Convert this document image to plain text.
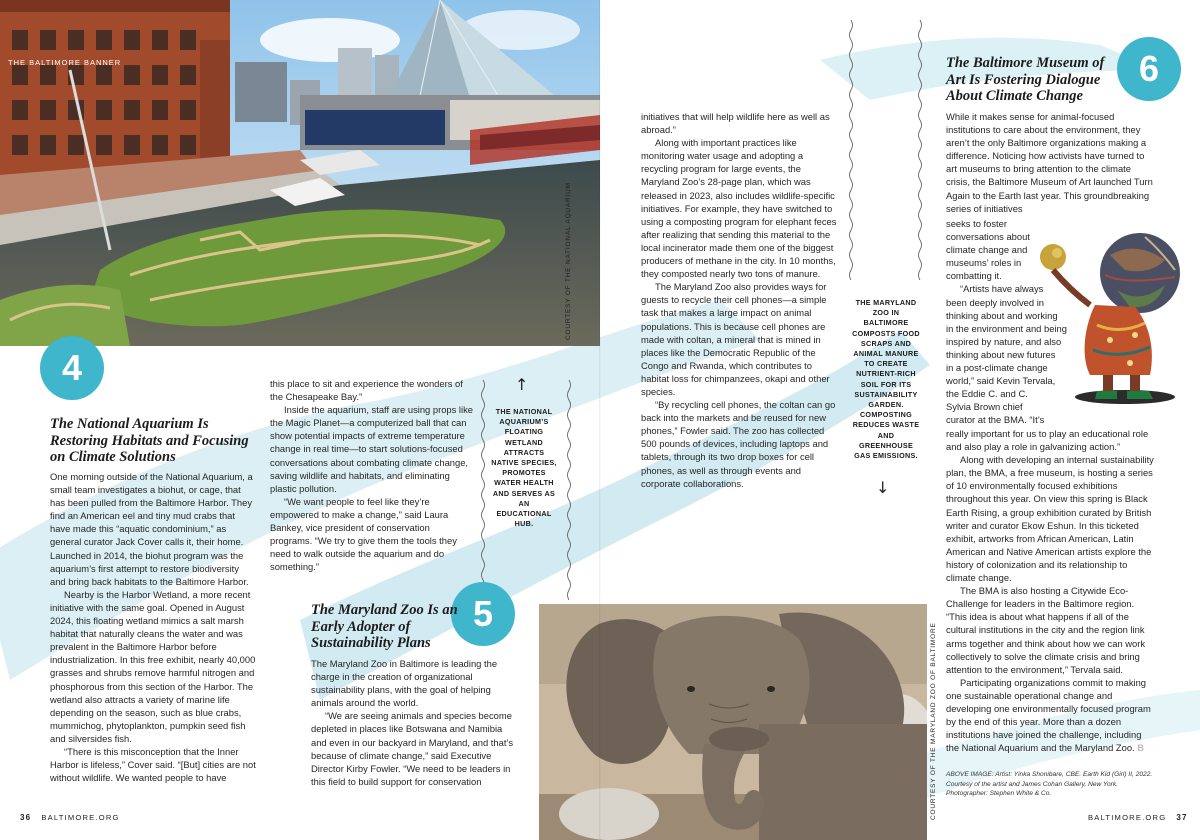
THE BALTIMORE BANNER
COURTESY OF THE NATIONAL AQUARIUM
4
The National Aquarium Is Restoring Habitats and Focusing on Climate Solutions

One morning outside of the National Aquarium, a small team investigates a biohut, or cage, that has been pulled from the Baltimore Harbor. They find an American eel and tiny mud crabs that have made this “aquatic condominium,” as general curator Jack Cover calls it, their home. Launched in 2014, the biohut program was the aquarium’s first attempt to restore biodiversity and bring back habitats to the Baltimore Harbor.

Nearby is the Harbor Wetland, a more recent initiative with the same goal. Opened in August 2024, this floating wetland mimics a salt marsh habitat that naturally cleans the water and was prevalent in the Baltimore Harbor before industrialization. In this free exhibit, nearly 40,000 grasses and shrubs remove harmful nitrogen and phosphorous from this section of the Harbor. The wetland also attracts a variety of marine life depending on the season, such as blue crabs, mummichog, phytoplankton, pumpkin seed fish and silversides fish.

“There is this misconception that the Inner Harbor is lifeless,” Cover said. “[But] cities are not without wildlife. We wanted people to have

this place to sit and experience the wonders of the Chesapeake Bay.”

Inside the aquarium, staff are using props like the Magic Planet—a computerized ball that can show potential impacts of extreme temperature change in real time—to start solutions-focused conversations about combating climate change, saving wildlife and habitats, and eliminating plastic pollution.

“We want people to feel like they’re empowered to make a change,” said Laura Bankey, vice president of conservation programs. “We try to give them the tools they need to walk outside the aquarium and do something.”

↑
THE NATIONAL AQUARIUM’S FLOATING WETLAND ATTRACTS NATIVE SPECIES, PROMOTES WATER HEALTH AND SERVES AS AN EDUCATIONAL HUB.
5
The Maryland Zoo Is an Early Adopter of Sustainability Plans

The Maryland Zoo in Baltimore is leading the charge in the creation of organizational sustainability plans, with the goal of helping animals around the world.

“We are seeing animals and species become depleted in places like Botswana and Namibia and even in our backyard in Maryland, and that’s because of climate change,” said Executive Director Kirby Fowler. “We need to be leaders in this field to build support for conservation

36 BALTIMORE.ORG

initiatives that will help wildlife here as well as abroad.”

Along with important practices like monitoring water usage and adopting a recycling program for large events, the Maryland Zoo’s 28-page plan, which was released in 2023, also includes wildlife-specific initiatives. For example, they have switched to using a composting program for elephant feces after realizing that sending this material to the local incinerator made them one of the biggest producers of methane in the city. In 10 months, they composted nearly two tons of manure.

The Maryland Zoo also provides ways for guests to recycle their cell phones—a simple task that makes a large impact on animal populations. This is because cell phones are made with coltan, a mineral that is mined in places like the Democratic Republic of the Congo and Rwanda, which contributes to habitat loss for chimpanzees, okapi and other species.

“By recycling cell phones, the coltan can go back into the markets and be reused for new phones,” Fowler said. The zoo has collected 500 pounds of devices, including laptops and tablets, through its two drop boxes for cell phones, as well as through events and corporate collaborations.

THE MARYLAND ZOO IN BALTIMORE COMPOSTS FOOD SCRAPS AND ANIMAL MANURE TO CREATE NUTRIENT-RICH SOIL FOR ITS SUSTAINABILITY GARDEN. COMPOSTING REDUCES WASTE AND GREENHOUSE GAS EMISSIONS.
↓
COURTESY OF THE MARYLAND ZOO OF BALTIMORE
6
The Baltimore Museum of Art Is Fostering Dialogue About Climate Change

While it makes sense for animal-focused institutions to care about the environment, they aren’t the only Baltimore organizations making a difference. Noticing how activists have turned to art museums to bring attention to the climate crisis, the Baltimore Museum of Art launched Turn Again to the Earth last year. This groundbreaking series of initiatives

seeks to foster
conversations about
climate change and
museums’ roles in
combatting it.
“Artists have always
been deeply involved in
thinking about and working
in the environment and being
inspired by nature, and also
thinking about new futures
in a post-climate change
world,” said Kevin Tervala,
the Eddie C. and C.
Sylvia Brown chief
curator at the BMA. “It’s

really important for us to play an educational role and also play a role in galvanizing action.”

Along with developing an internal sustainability plan, the BMA, a free museum, is hosting a series of 10 environmentally focused exhibitions throughout this year. On view this spring is Black Earth Rising, a group exhibition curated by British writer and curator Ekow Eshun. In this ticketed exhibit, artworks from African American, Latin American and Native American artists explore the history of colonization and its relationship to climate change.

The BMA is also hosting a Citywide Eco-Challenge for leaders in the Baltimore region. “This idea is about what happens if all of the cultural institutions in the city and the region link arms together and think about how we can work collectively to solve the climate crisis and bring attention to the environment,” Tervala said.

Participating organizations commit to making one sustainable operational change and developing one environmentally focused program by the end of this year. More than a dozen institutions have joined the challenge, including the National Aquarium and the Maryland Zoo. B

ABOVE IMAGE: Artist: Yinka Shonibare, CBE. Earth Kid (Girl) II, 2022. Courtesy of the artist and James Cohan Gallery, New York. Photographer: Stephen White & Co.
BALTIMORE.ORG 37
